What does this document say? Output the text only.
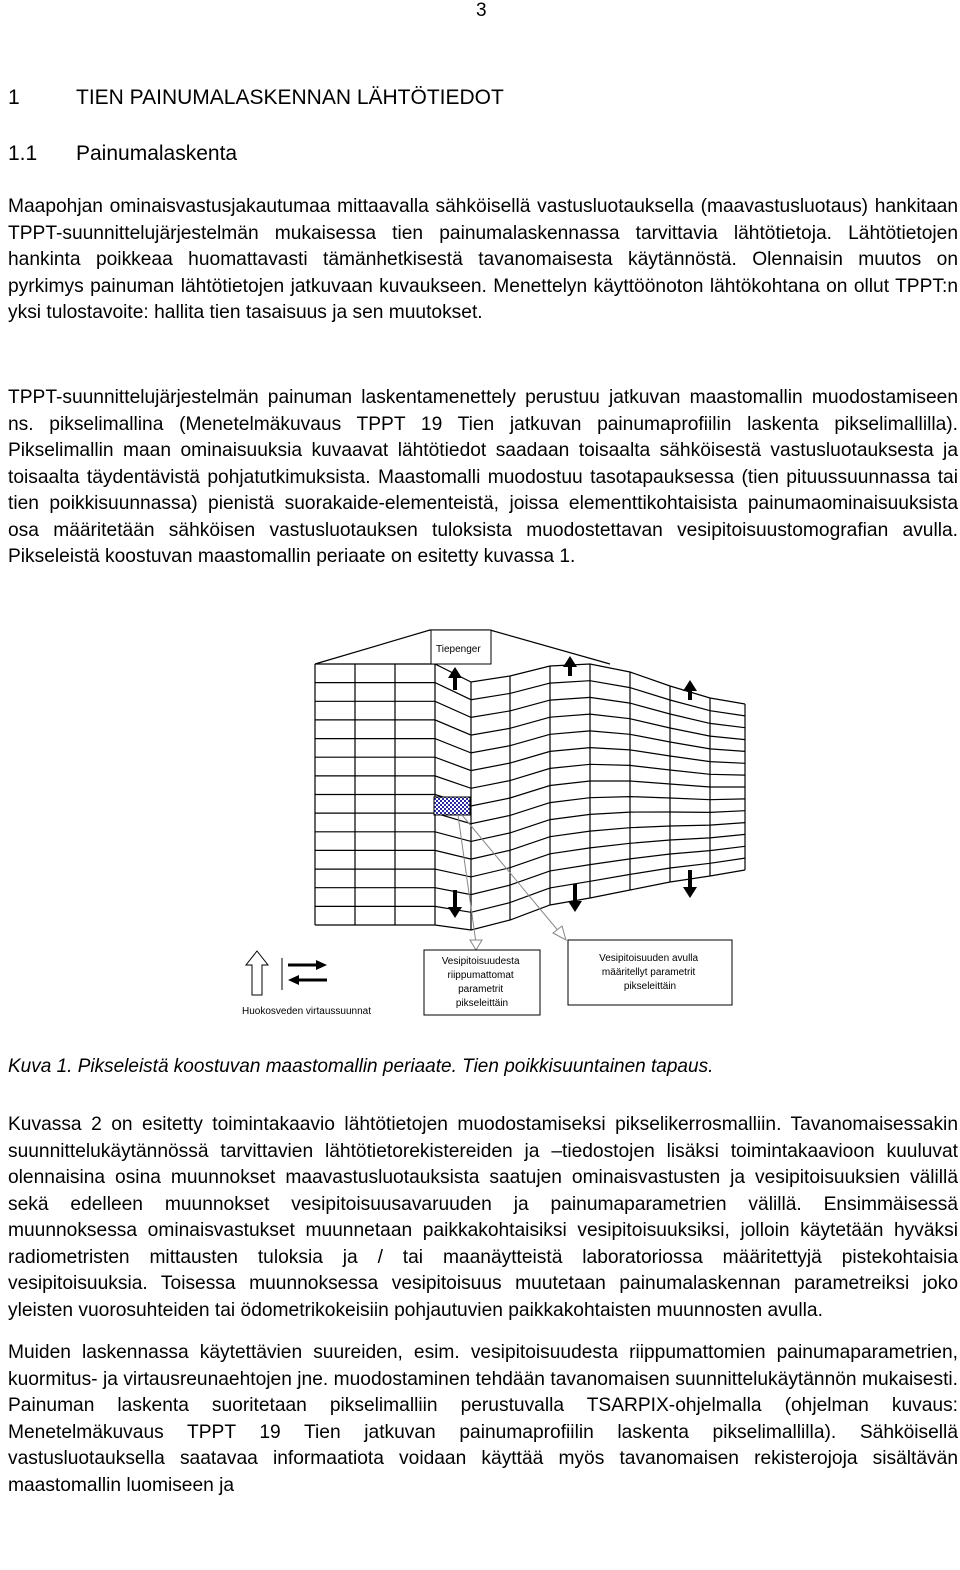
3
1	TIEN PAINUMALASKENNAN LÄHTÖTIEDOT
1.1 Painumalaskenta

Maapohjan ominaisvastusjakautumaa mittaavalla sähköisellä vastusluotauksella (maavastusluotaus) hankitaan TPPT-suunnittelujärjestelmän mukaisessa tien painumalaskennassa tarvittavia lähtötietoja. Lähtötietojen hankinta poikkeaa huomattavasti tämänhetkisestä tavanomaisesta käytännöstä. Olennaisin muutos on pyrkimys painuman lähtötietojen jatkuvaan kuvaukseen. Menettelyn käyttöönoton lähtökohtana on ollut TPPT:n yksi tulostavoite: hallita tien tasaisuus ja sen muutokset.

TPPT-suunnittelujärjestelmän painuman laskentamenettely perustuu jatkuvan maastomallin muodostamiseen ns. pikselimallina (Menetelmäkuvaus TPPT 19 Tien jatkuvan painumaprofiilin laskenta pikselimallilla). Pikselimallin maan ominaisuuksia kuvaavat lähtötiedot saadaan toisaalta sähköisestä vastusluotauksesta ja toisaalta täydentävistä pohjatutkimuksista. Maastomalli muodostuu tasotapauksessa (tien pituussuunnassa tai tien poikkisuunnassa) pienistä suorakaide-elementeistä, joissa elementtikohtaisista painumaominaisuuksista osa määritetään sähköisen vastusluotauksen tuloksista muodostettavan vesipitoisuustomografian avulla. Pikseleistä koostuvan maastomallin periaate on esitetty kuvassa 1.

Tiepenger
Huokosveden virtaussuunnat
Vesipitoisuudesta riippumattomat parametrit pikseleittäin
Vesipitoisuuden avulla määritellyt parametrit pikseleittäin
Kuva 1. Pikseleistä koostuvan maastomallin periaate. Tien poikkisuuntainen tapaus.

Kuvassa 2 on esitetty toimintakaavio lähtötietojen muodostamiseksi pikselikerrosmalliin. Tavanomaisessakin suunnittelukäytännössä tarvittavien lähtötietorekistereiden ja –tiedostojen lisäksi toimintakaavioon kuuluvat olennaisina osina muunnokset maavastusluotauksista saatujen ominaisvastusten ja vesipitoisuuksien välillä sekä edelleen muunnokset vesipitoisuusavaruuden ja painumaparametrien välillä. Ensimmäisessä muunnoksessa ominaisvastukset muunnetaan paikkakohtaisiksi vesipitoisuuksiksi, jolloin käytetään hyväksi radiometristen mittausten tuloksia ja / tai maanäytteistä laboratoriossa määritettyjä pistekohtaisia vesipitoisuuksia. Toisessa muunnoksessa vesipitoisuus muutetaan painumalaskennan parametreiksi joko yleisten vuorosuhteiden tai ödometrikokeisiin pohjautuvien paikkakohtaisten muunnosten avulla.

Muiden laskennassa käytettävien suureiden, esim. vesipitoisuudesta riippumattomien painumaparametrien, kuormitus- ja virtausreunaehtojen jne. muodostaminen tehdään tavanomaisen suunnittelukäytännön mukaisesti. Painuman laskenta suoritetaan pikselimalliin perustuvalla TSARPIX-ohjelmalla (ohjelman kuvaus: Menetelmäkuvaus TPPT 19 Tien jatkuvan painumaprofiilin laskenta pikselimallilla). Sähköisellä vastusluotauksella saatavaa informaatiota voidaan käyttää myös tavanomaisen rekisterojoja sisältävän maastomallin luomiseen ja
